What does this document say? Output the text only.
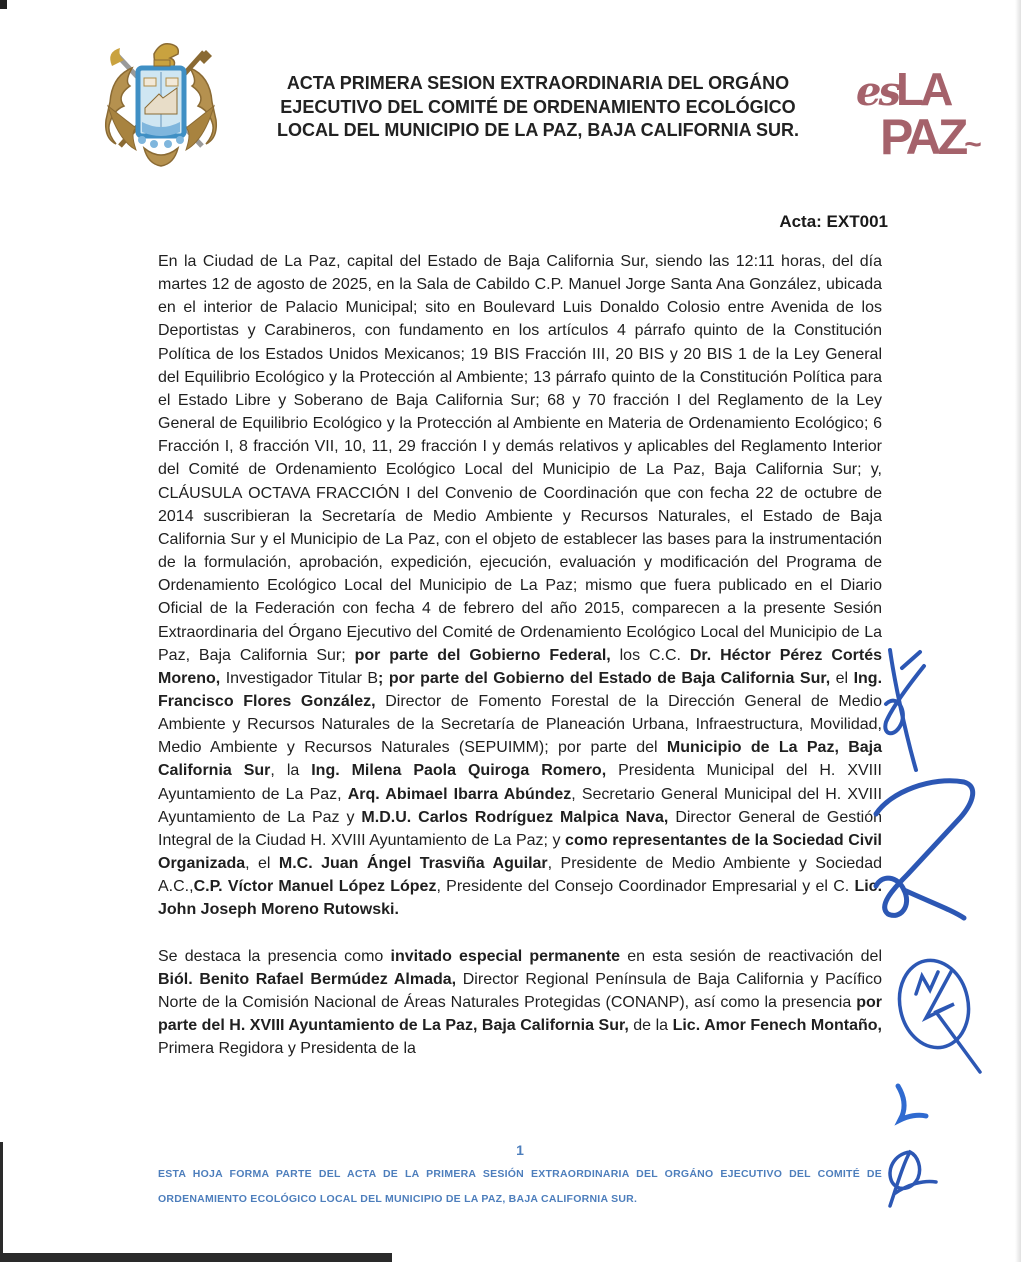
ACTA PRIMERA SESION EXTRAORDINARIA DEL ORGÁNO
EJECUTIVO DEL COMITÉ DE ORDENAMIENTO ECOLÓGICO
LOCAL DEL MUNICIPIO DE LA PAZ, BAJA CALIFORNIA SUR.
esLA
PAZ~
Acta: EXT001

En la Ciudad de La Paz, capital del Estado de Baja California Sur, siendo las 12:11 horas, del día martes 12 de agosto de 2025, en la Sala de Cabildo C.P. Manuel Jorge Santa Ana González, ubicada en el interior de Palacio Municipal; sito en Boulevard Luis Donaldo Colosio entre Avenida de los Deportistas y Carabineros, con fundamento en los artículos 4 párrafo quinto de la Constitución Política de los Estados Unidos Mexicanos; 19 BIS Fracción III, 20 BIS y 20 BIS 1 de la Ley General del Equilibrio Ecológico y la Protección al Ambiente; 13 párrafo quinto de la Constitución Política para el Estado Libre y Soberano de Baja California Sur; 68 y 70 fracción I del Reglamento de la Ley General de Equilibrio Ecológico y la Protección al Ambiente en Materia de Ordenamiento Ecológico; 6 Fracción I, 8 fracción VII, 10, 11, 29 fracción I y demás relativos y aplicables del Reglamento Interior del Comité de Ordenamiento Ecológico Local del Municipio de La Paz, Baja California Sur; y, CLÁUSULA OCTAVA FRACCIÓN I del Convenio de Coordinación que con fecha 22 de octubre de 2014 suscribieran la Secretaría de Medio Ambiente y Recursos Naturales, el Estado de Baja California Sur y el Municipio de La Paz, con el objeto de establecer las bases para la instrumentación de la formulación, aprobación, expedición, ejecución, evaluación y modificación del Programa de Ordenamiento Ecológico Local del Municipio de La Paz; mismo que fuera publicado en el Diario Oficial de la Federación con fecha 4 de febrero del año 2015, comparecen a la presente Sesión Extraordinaria del Órgano Ejecutivo del Comité de Ordenamiento Ecológico Local del Municipio de La Paz, Baja California Sur; por parte del Gobierno Federal, los C.C. Dr. Héctor Pérez Cortés Moreno, Investigador Titular B; por parte del Gobierno del Estado de Baja California Sur, el Ing. Francisco Flores González, Director de Fomento Forestal de la Dirección General de Medio Ambiente y Recursos Naturales de la Secretaría de Planeación Urbana, Infraestructura, Movilidad, Medio Ambiente y Recursos Naturales (SEPUIMM); por parte del Municipio de La Paz, Baja California Sur, la Ing. Milena Paola Quiroga Romero, Presidenta Municipal del H. XVIII Ayuntamiento de La Paz, Arq. Abimael Ibarra Abúndez, Secretario General Municipal del H. XVIII Ayuntamiento de La Paz y M.D.U. Carlos Rodríguez Malpica Nava, Director General de Gestión Integral de la Ciudad H. XVIII Ayuntamiento de La Paz; y como representantes de la Sociedad Civil Organizada, el M.C. Juan Ángel Trasviña Aguilar, Presidente de Medio Ambiente y Sociedad A.C.,C.P. Víctor Manuel López López, Presidente del Consejo Coordinador Empresarial y el C. Lic. John Joseph Moreno Rutowski.

Se destaca la presencia como invitado especial permanente en esta sesión de reactivación del Biól. Benito Rafael Bermúdez Almada, Director Regional Península de Baja California y Pacífico Norte de la Comisión Nacional de Áreas Naturales Protegidas (CONANP), así como la presencia por parte del H. XVIII Ayuntamiento de La Paz, Baja California Sur, de la Lic. Amor Fenech Montaño, Primera Regidora y Presidenta de la

1
ESTA HOJA FORMA PARTE DEL ACTA DE LA PRIMERA SESIÓN EXTRAORDINARIA DEL ORGÁNO EJECUTIVO DEL COMITÉ DE ORDENAMIENTO ECOLÓGICO LOCAL DEL MUNICIPIO DE LA PAZ, BAJA CALIFORNIA SUR.
